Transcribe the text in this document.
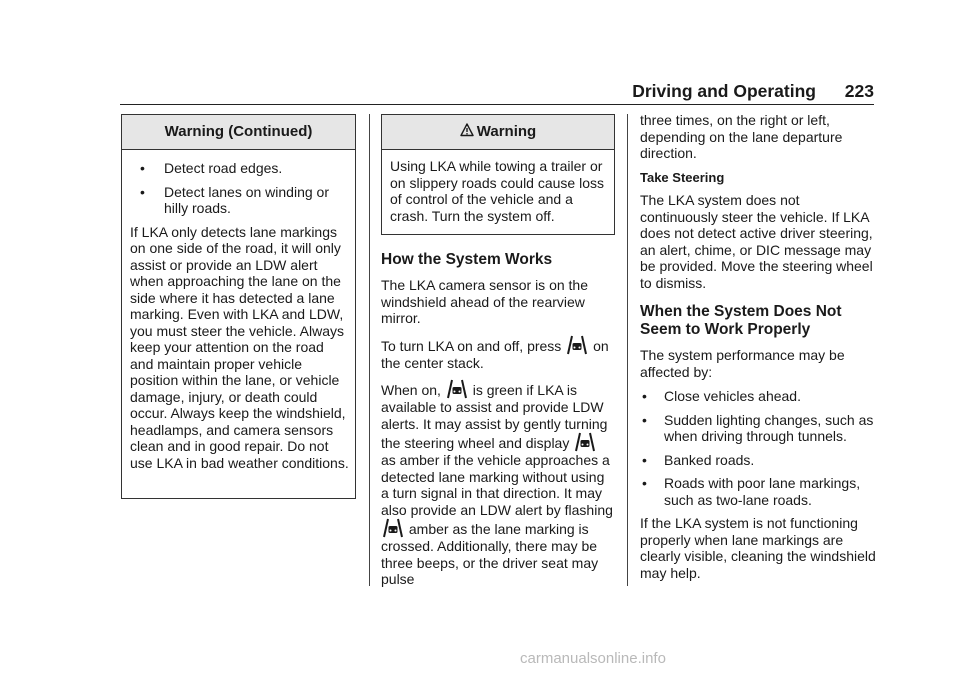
Driving and Operating 223
Warning (Continued)
• Detect road edges.
• Detect lanes on winding or hilly roads.

If LKA only detects lane markings on one side of the road, it will only assist or provide an LDW alert when approaching the lane on the side where it has detected a lane marking. Even with LKA and LDW, you must steer the vehicle. Always keep your attention on the road and maintain proper vehicle position within the lane, or vehicle damage, injury, or death could occur. Always keep the windshield, headlamps, and camera sensors clean and in good repair. Do not use LKA in bad weather conditions.

Warning
Using LKA while towing a trailer or on slippery roads could cause loss of control of the vehicle and a crash. Turn the system off.
How the System Works

The LKA camera sensor is on the windshield ahead of the rearview mirror.

To turn LKA on and off, press on the center stack.

When on, is green if LKA is available to assist and provide LDW alerts. It may assist by gently turning the steering wheel and display  as amber if the vehicle approaches a detected lane marking without using a turn signal in that direction. It may also provide an LDW alert by flashing  amber as the lane marking is crossed. Additionally, there may be three beeps, or the driver seat may pulse

three times, on the right or left, depending on the lane departure direction.

Take Steering

The LKA system does not continuously steer the vehicle. If LKA does not detect active driver steering, an alert, chime, or DIC message may be provided. Move the steering wheel to dismiss.

When the System Does Not Seem to Work Properly

The system performance may be affected by:

• Close vehicles ahead.
• Sudden lighting changes, such as when driving through tunnels.
• Banked roads.
• Roads with poor lane markings, such as two-lane roads.

If the LKA system is not functioning properly when lane markings are clearly visible, cleaning the windshield may help.

carmanualsonline.info
